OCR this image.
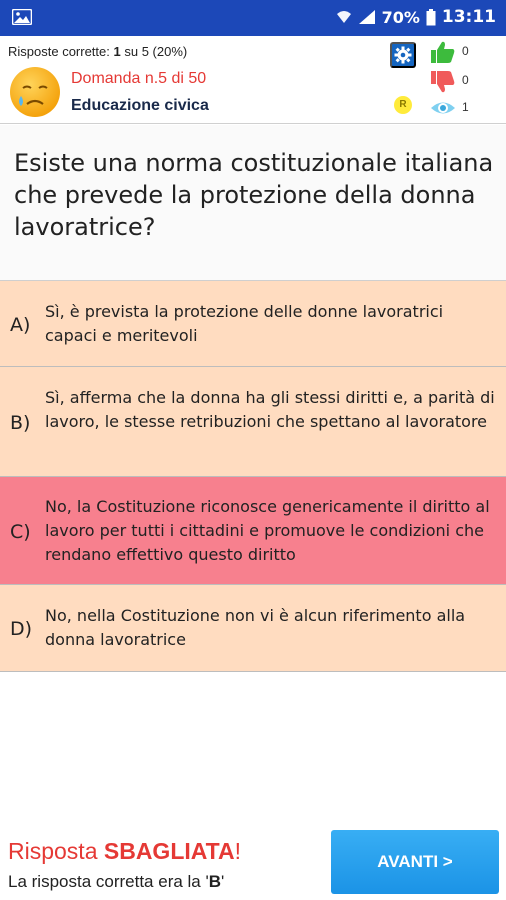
70% 13:11
Risposte corrette: 1 su 5 (20%)
Domanda n.5 di 50
Educazione civica	R
0
0
1
Esiste una norma costituzionale italiana che prevede la protezione della donna lavoratrice?
A)
Sì, è prevista la protezione delle donne lavoratrici capaci e meritevoli
B)
Sì, afferma che la donna ha gli stessi diritti e, a parità di lavoro, le stesse retribuzioni che spettano al lavoratore
C)
No, la Costituzione riconosce genericamente il diritto al lavoro per tutti i cittadini e promuove le condizioni che rendano effettivo questo diritto
D)
No, nella Costituzione non vi è alcun riferimento alla donna lavoratrice
Risposta SBAGLIATA!
La risposta corretta era la 'B'
AVANTI >
